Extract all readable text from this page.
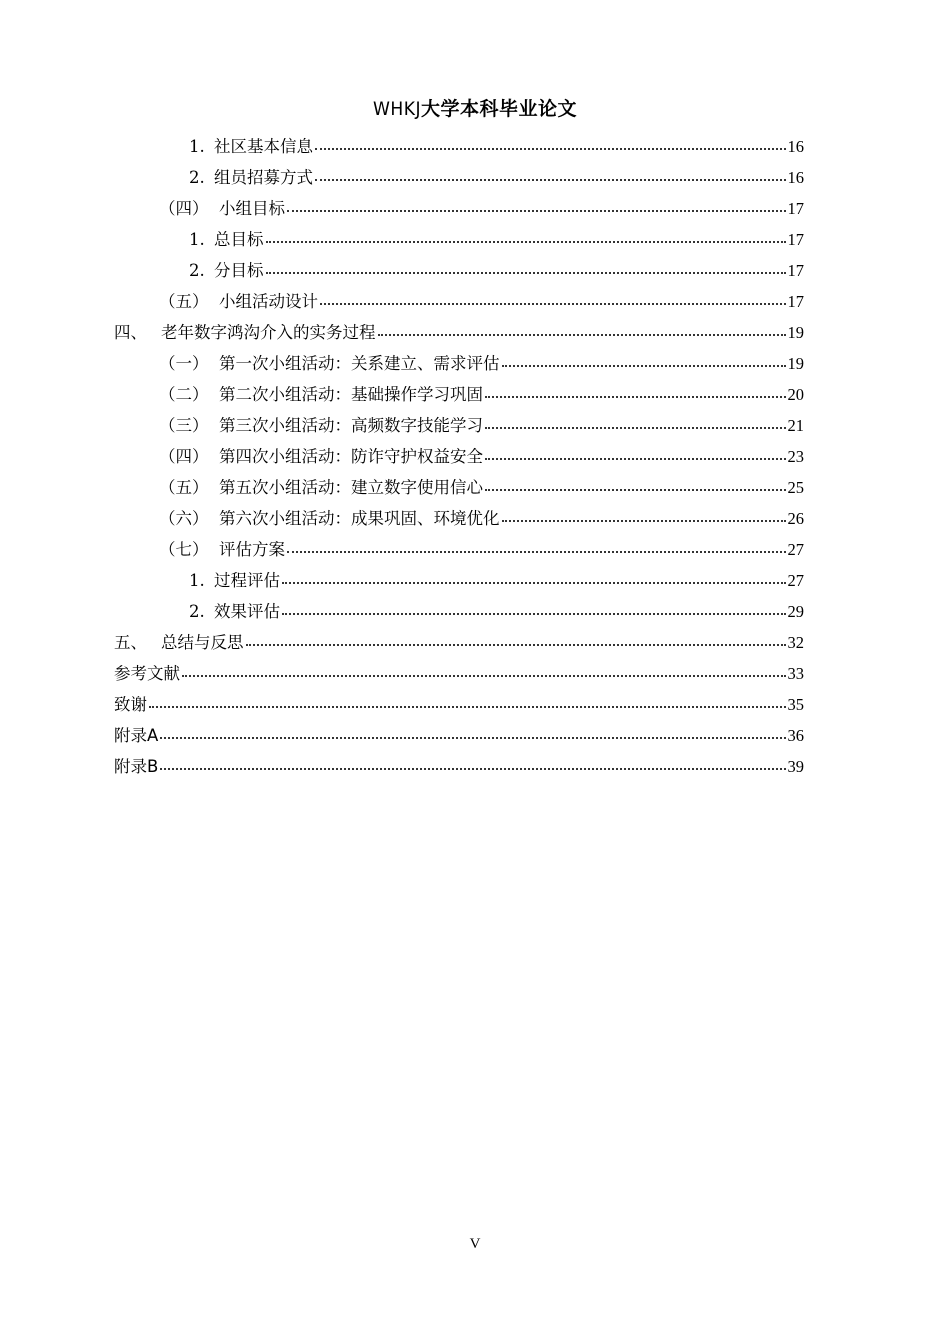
WHKJ大学本科毕业论文
1. 社区基本信息	16
2. 组员招募方式	16
（四） 小组目标	17
1. 总目标	17
2. 分目标	17
（五） 小组活动设计	17
四、 老年数字鸿沟介入的实务过程	19
（一） 第一次小组活动：关系建立、需求评估	19
（二） 第二次小组活动：基础操作学习巩固	20
（三） 第三次小组活动：高频数字技能学习	21
（四） 第四次小组活动：防诈守护权益安全	23
（五） 第五次小组活动：建立数字使用信心	25
（六） 第六次小组活动：成果巩固、环境优化	26
（七） 评估方案	27
1. 过程评估	27
2. 效果评估	29
五、 总结与反思	32
参考文献	33
致谢	35
附录A	36
附录B	39
V
